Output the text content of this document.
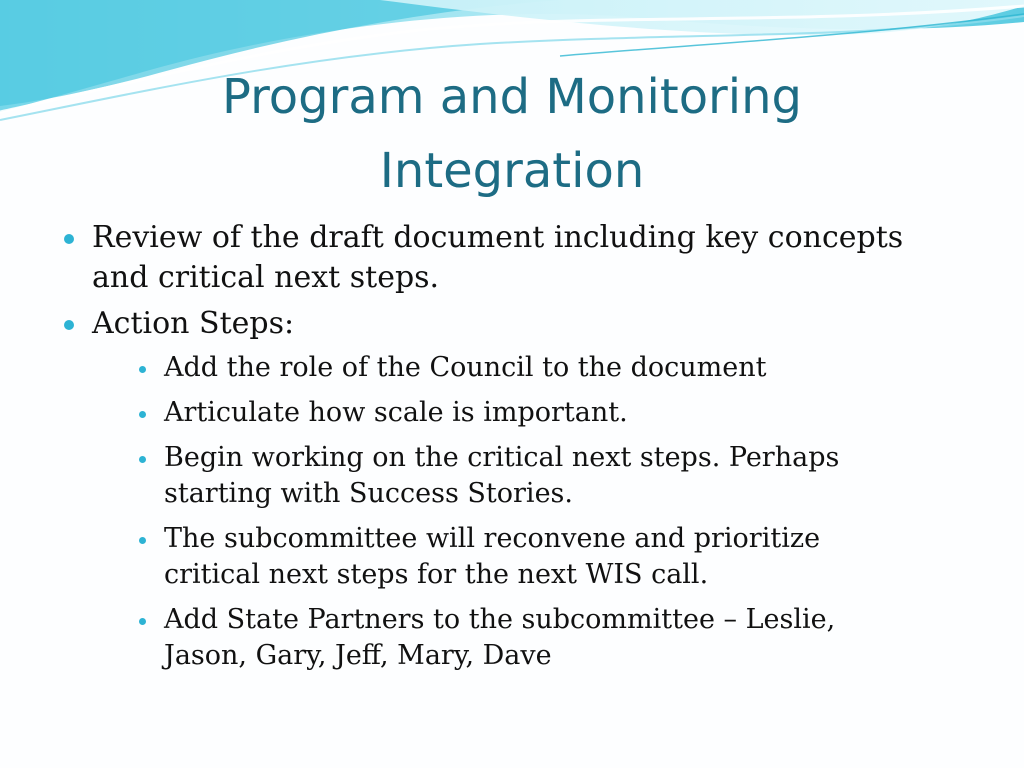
Program and Monitoring
Integration
Review of the draft document including key concepts and critical next steps.
Action Steps:
Add the role of the Council to the document
Articulate how scale is important.
Begin working on the critical next steps. Perhaps starting with Success Stories.
The subcommittee will reconvene and prioritize critical next steps for the next WIS call.
Add State Partners to the subcommittee – Leslie, Jason, Gary, Jeff, Mary, Dave
